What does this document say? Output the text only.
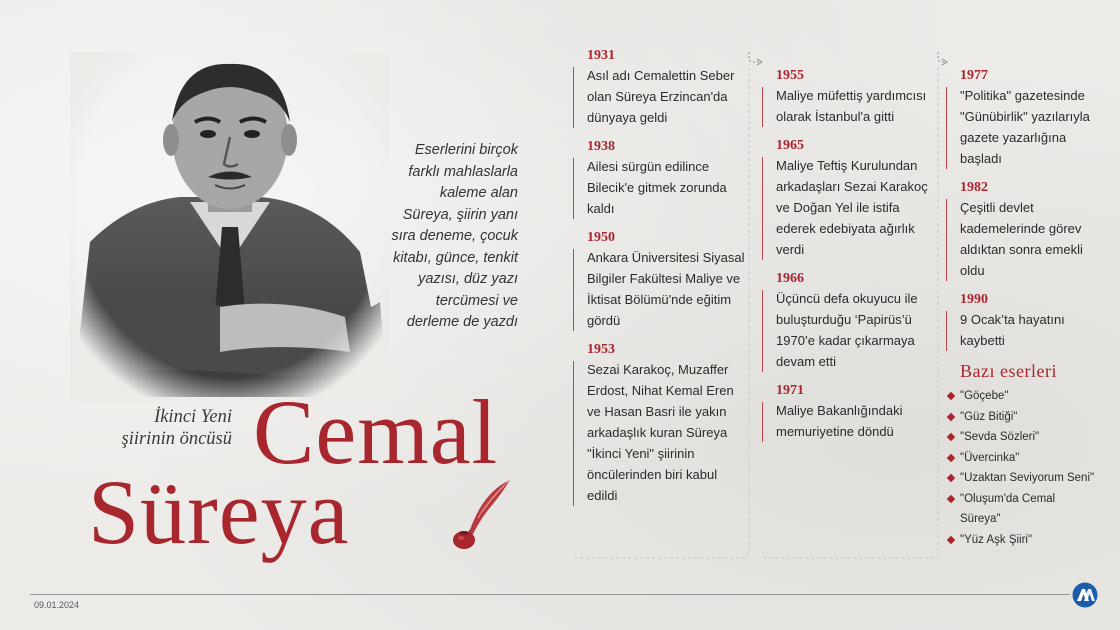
Eserlerini birçok farklı mahlaslarla kaleme alan Süreya, şiirin yanı sıra deneme, çocuk kitabı, günce, tenkit yazısı, düz yazı tercümesi ve derleme de yazdı
İkinci Yeni
şiirinin öncüsü Cemal
Süreya
1931
Asıl adı Cemalettin Seber olan Süreya Erzincan'da dünyaya geldi
1938
Ailesi sürgün edilince Bilecik'e gitmek zorunda kaldı
1950
Ankara Üniversitesi Siyasal Bilgiler Fakültesi Maliye ve İktisat Bölümü'nde eğitim gördü
1953
Sezai Karakoç, Muzaffer Erdost, Nihat Kemal Eren ve Hasan Basri ile yakın arkadaşlık kuran Süreya "İkinci Yeni" şiirinin öncülerinden biri kabul edildi
1955
Maliye müfettiş yardımcısı olarak İstanbul'a gitti
1965
Maliye Teftiş Kurulundan arkadaşları Sezai Karakoç ve Doğan Yel ile istifa ederek edebiyata ağırlık verdi
1966
Üçüncü defa okuyucu ile buluşturduğu ‘Papirüs’ü 1970’e kadar çıkarmaya devam etti
1971
Maliye Bakanlığındaki memuriyetine döndü
1977
"Politika" gazetesinde "Günübirlik" yazılarıyla gazete yazarlığına başladı
1982
Çeşitli devlet kademelerinde görev aldıktan sonra emekli oldu
1990
9 Ocak’ta hayatını kaybetti
Bazı eserleri
"Göçebe"
"Güz Bitiği"
"Sevda Sözleri"
"Üvercinka"
"Uzaktan Seviyorum Seni"
"Oluşum'da Cemal Süreya"
"Yüz Aşk Şiiri"
09.01.2024
